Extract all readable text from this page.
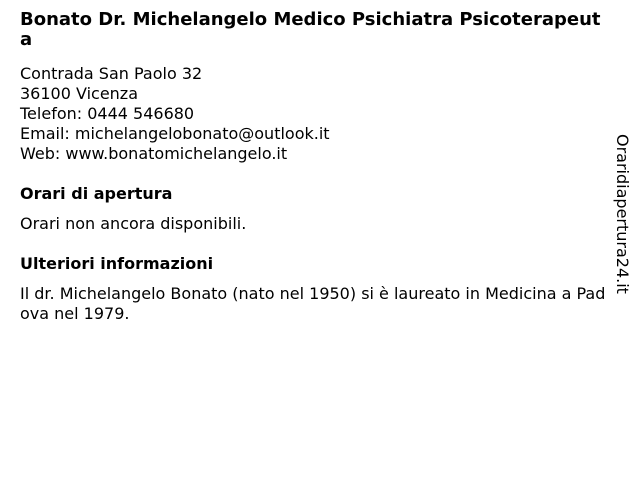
Bonato Dr. Michelangelo Medico Psichiatra Psicoterapeuta
Contrada San Paolo 32
36100 Vicenza
Telefon: 0444 546680
Email: michelangelobonato@outlook.it
Web: www.bonatomichelangelo.it
Orari di apertura

Orari non ancora disponibili.

Ulteriori informazioni

Il dr. Michelangelo Bonato (nato nel 1950) si è laureato in Medicina a Padova nel 1979.

Oraridiapertura24.it
